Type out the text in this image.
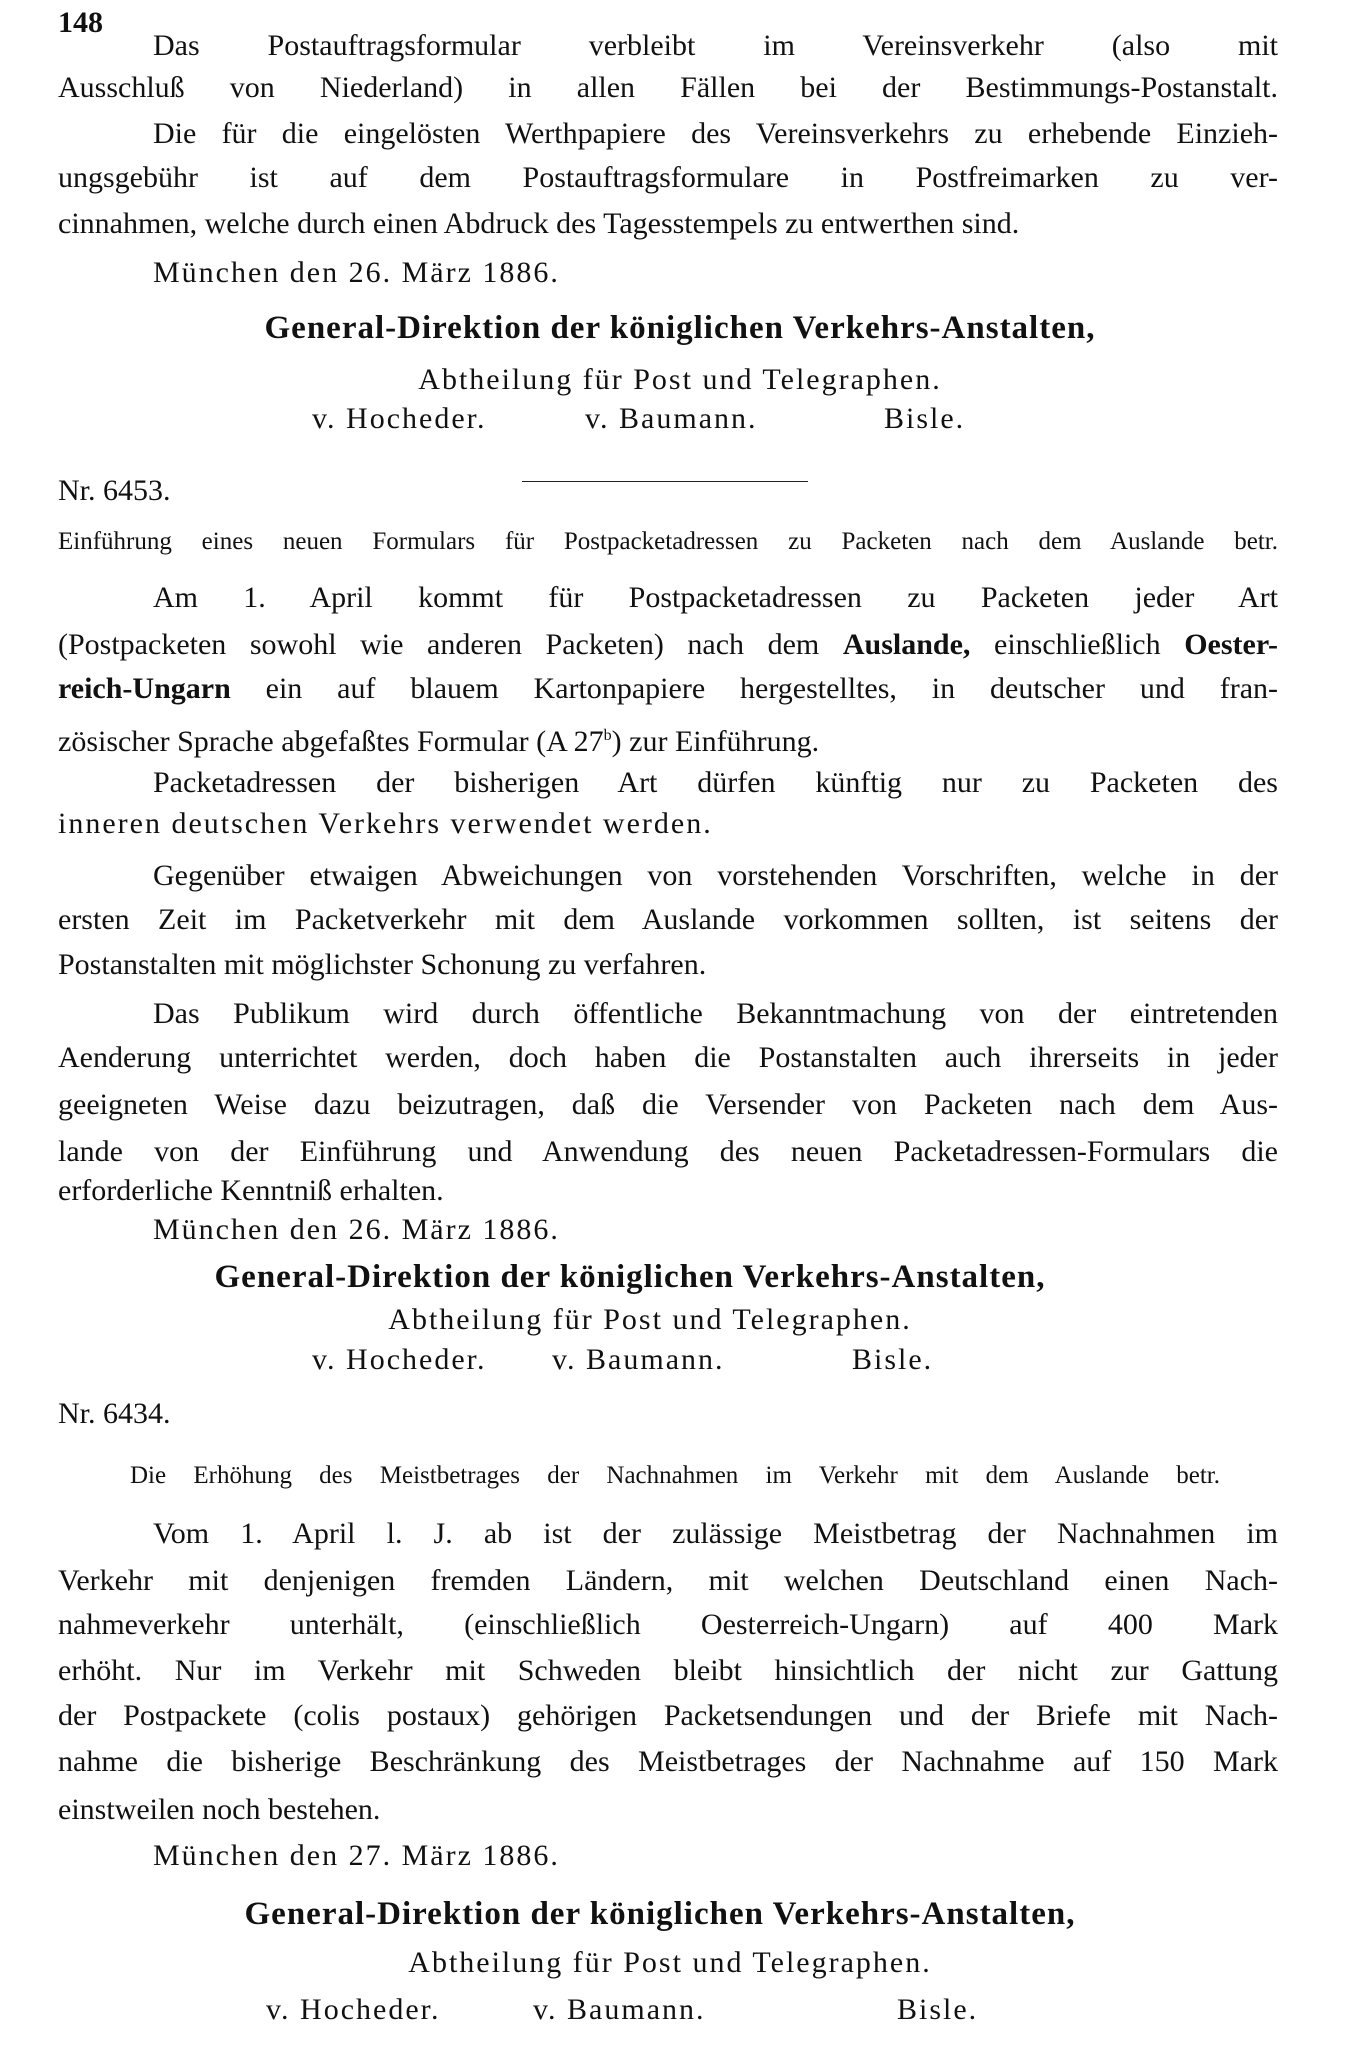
148
Das Postauftragsformular verbleibt im Vereinsverkehr (also mit
Ausschluß von Niederland) in allen Fällen bei der Bestimmungs-Postanstalt.
Die für die eingelösten Werthpapiere des Vereinsverkehrs zu erhebende Einzieh-
ungsgebühr ist auf dem Postauftragsformulare in Postfreimarken zu ver-
cinnahmen, welche durch einen Abdruck des Tagesstempels zu entwerthen sind.
München den 26. März 1886.
General-Direktion der königlichen Verkehrs-Anstalten,
Abtheilung für Post und Telegraphen.
v. Hocheder.	v. Baumann.	Bisle.
Nr. 6453.
Einführung eines neuen Formulars für Postpacketadressen zu Packeten nach dem Auslande betr.
Am 1. April kommt für Postpacketadressen zu Packeten jeder Art
(Postpacketen sowohl wie anderen Packeten) nach dem Auslande, einschließlich Oester-
reich-Ungarn ein auf blauem Kartonpapiere hergestelltes, in deutscher und fran-
zösischer Sprache abgefaßtes Formular (A 27$^b$) zur Einführung.
Packetadressen der bisherigen Art dürfen künftig nur zu Packeten des
inneren deutschen Verkehrs verwendet werden.
Gegenüber etwaigen Abweichungen von vorstehenden Vorschriften, welche in der
ersten Zeit im Packetverkehr mit dem Auslande vorkommen sollten, ist seitens der
Postanstalten mit möglichster Schonung zu verfahren.
Das Publikum wird durch öffentliche Bekanntmachung von der eintretenden
Aenderung unterrichtet werden, doch haben die Postanstalten auch ihrerseits in jeder
geeigneten Weise dazu beizutragen, daß die Versender von Packeten nach dem Aus-
lande von der Einführung und Anwendung des neuen Packetadressen-Formulars die
erforderliche Kenntniß erhalten.
München den 26. März 1886.
General-Direktion der königlichen Verkehrs-Anstalten,
Abtheilung für Post und Telegraphen.
v. Hocheder. v. Baumann.	Bisle.
Nr. 6434.
Die Erhöhung des Meistbetrages der Nachnahmen im Verkehr mit dem Auslande betr.
Vom 1. April l. J. ab ist der zulässige Meistbetrag der Nachnahmen im
Verkehr mit denjenigen fremden Ländern, mit welchen Deutschland einen Nach-
nahmeverkehr unterhält, (einschließlich Oesterreich-Ungarn) auf 400 Mark
erhöht. Nur im Verkehr mit Schweden bleibt hinsichtlich der nicht zur Gattung
der Postpackete (colis postaux) gehörigen Packetsendungen und der Briefe mit Nach-
nahme die bisherige Beschränkung des Meistbetrages der Nachnahme auf 150 Mark
einstweilen noch bestehen.
München den 27. März 1886.
General-Direktion der königlichen Verkehrs-Anstalten,
Abtheilung für Post und Telegraphen.
v. Hocheder.	v. Baumann.	Bisle.
